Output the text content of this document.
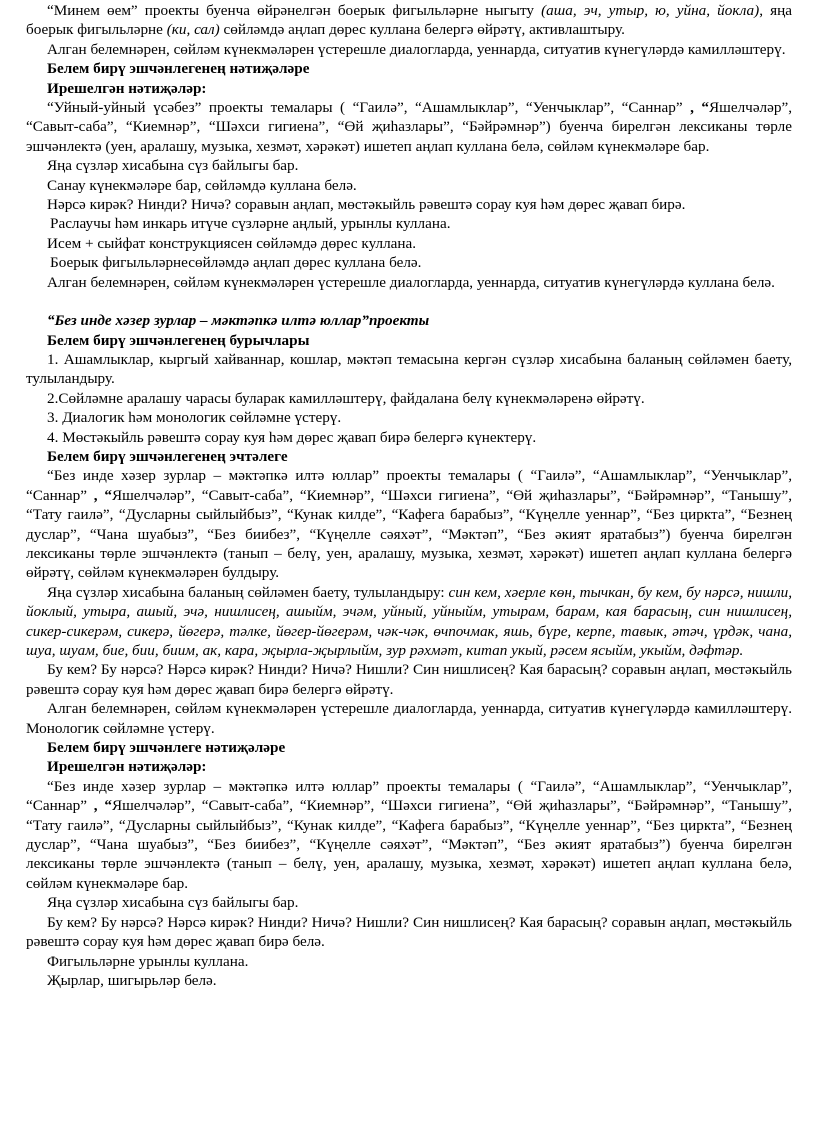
“Минем өем” проекты буенча өйрәнелгән боерык фигыльләрне ныгыту (аша, эч, утыр, ю, уйна, йокла), яңа боерык фигыльләрне (ки, сал) сөйләмдә аңлап дөрес куллана белергә өйрәтү, активлаштыру.

Алган белемнәрен, сөйләм күнекмәләрен үстерешле диалогларда, уеннарда, ситуатив күнегүләрдә камилләштерү.

Белем бирү эшчәнлегенең нәтиҗәләре

Ирешелгән нәтиҗәләр:

“Уйный-уйный үсәбез” проекты темалары ( “Гаилә”, “Ашамлыклар”, “Уенчыклар”, “Саннар” , “Яшелчәләр”, “Савыт-саба”, “Киемнәр”, “Шәхси гигиена”, “Өй җиһазлары”, “Бәйрәмнәр”) буенча бирелгән лексиканы төрле эшчәнлектә (уен, аралашу, музыка, хезмәт, хәрәкәт) ишетеп аңлап куллана белә, сөйләм күнекмәләре бар.

Яңа сүзләр хисабына сүз байлыгы бар.

Санау күнекмәләре бар, сөйләмдә куллана белә.

Нәрсә кирәк? Нинди? Ничә? соравын аңлап, мөстәкыйль рәвештә сорау куя һәм дөрес җавап бирә.

Раслаучы һәм инкарь итүче сүзләрне аңлый, урынлы куллана.

Исем + сыйфат конструкциясен сөйләмдә дөрес куллана.

Боерык фигыльләрнесөйләмдә аңлап дөрес куллана белә.

Алган белемнәрен, сөйләм күнекмәләрен үстерешле диалогларда, уеннарда, ситуатив күнегүләрдә куллана белә.

“Без инде хәзер зурлар – мәктәпкә илтә юллар”проекты

Белем бирү эшчәнлегенең бурычлары

1. Ашамлыклар, кыргый хайваннар, кошлар, мәктәп темасына кергән сүзләр хисабына баланың сөйләмен баету, тулыландыру.

2.Сөйләмне аралашу чарасы буларак камилләштерү, файдалана белү күнекмәләренә өйрәтү.

3. Диалогик һәм монологик сөйләмне үстерү.

4. Мөстәкыйль рәвештә сорау куя һәм дөрес җавап бирә белергә күнектерү.

Белем бирү эшчәнлегенең эчтәлеге

“Без инде хәзер зурлар – мәктәпкә илтә юллар” проекты темалары ( “Гаилә”, “Ашамлыклар”, “Уенчыклар”, “Саннар” , “Яшелчәләр”, “Савыт-саба”, “Киемнәр”, “Шәхси гигиена”, “Өй җиһазлары”, “Бәйрәмнәр”, “Танышу”, “Тату гаилә”, “Дусларны сыйлыйбыз”, “Кунак килде”, “Кафега барабыз”, “Күңелле уеннар”, “Без циркта”, “Безнең дуслар”, “Чана шуабыз”, “Без биибез”, “Күңелле сәяхәт”, “Мәктәп”, “Без әкият яратабыз”) буенча бирелгән лексиканы төрле эшчәнлектә (танып – белү, уен, аралашу, музыка, хезмәт, хәрәкәт) ишетеп аңлап куллана белергә өйрәтү, сөйләм күнекмәләрен булдыру.

Яңа сүзләр хисабына баланың сөйләмен баету, тулыландыру: син кем, хәерле көн, тычкан, бу кем, бу нәрсә, нишли, йоклый, утыра, ашый, эчә, нишлисең, ашыйм, эчәм, уйный, уйныйм, утырам, барам, кая барасың, син нишлисең, сикер-сикерәм, сикерә, йөгерә, тәлке, йөгер-йөгерәм, чәк-чәк, өчпочмак, яшь, бүре, керпе, тавык, әтәч, үрдәк, чана, шуа, шуам, бие, бии, биим, ак, кара, җырла-җырлыйм, зур рәхмәт, китап укый, рәсем ясыйм, укыйм, дәфтәр.

Бу кем? Бу нәрсә? Нәрсә кирәк? Нинди? Ничә? Нишли? Син нишлисең? Кая барасың? соравын аңлап, мөстәкыйль рәвештә сорау куя һәм дөрес җавап бирә белергә өйрәтү.

Алган белемнәрен, сөйләм күнекмәләрен үстерешле диалогларда, уеннарда, ситуатив күнегүләрдә камилләштерү. Монологик сөйләмне үстерү.

Белем бирү эшчәнлеге нәтиҗәләре

Ирешелгән нәтиҗәләр:

“Без инде хәзер зурлар – мәктәпкә илтә юллар” проекты темалары ( “Гаилә”, “Ашамлыклар”, “Уенчыклар”, “Саннар” , “Яшелчәләр”, “Савыт-саба”, “Киемнәр”, “Шәхси гигиена”, “Өй җиһазлары”, “Бәйрәмнәр”, “Танышу”, “Тату гаилә”, “Дусларны сыйлыйбыз”, “Кунак килде”, “Кафега барабыз”, “Күңелле уеннар”, “Без циркта”, “Безнең дуслар”, “Чана шуабыз”, “Без биибез”, “Күңелле сәяхәт”, “Мәктәп”, “Без әкият яратабыз”) буенча бирелгән лексиканы төрле эшчәнлектә (танып – белү, уен, аралашу, музыка, хезмәт, хәрәкәт) ишетеп аңлап куллана белә, сөйләм күнекмәләре бар.

Яңа сүзләр хисабына сүз байлыгы бар.

Бу кем? Бу нәрсә? Нәрсә кирәк? Нинди? Ничә? Нишли? Син нишлисең? Кая барасың? соравын аңлап, мөстәкыйль рәвештә сорау куя һәм дөрес җавап бирә белә.

Фигыльләрне урынлы куллана.

Җырлар, шигырьләр белә.
